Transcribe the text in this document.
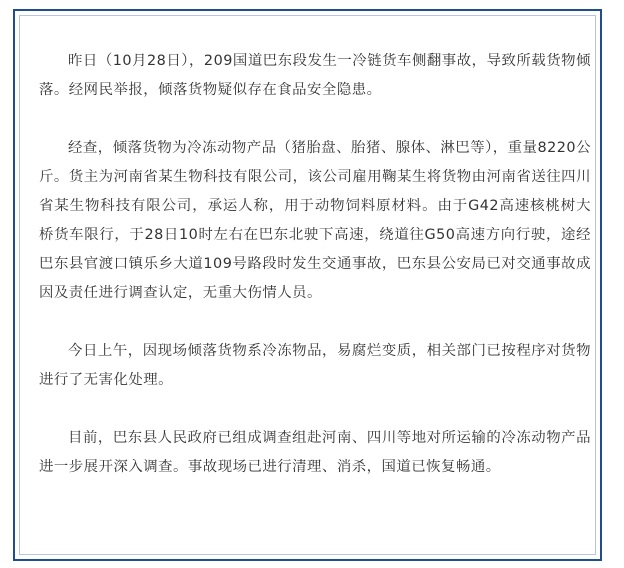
昨日（10月28日），209国道巴东段发生一冷链货车侧翻事故，导致所载货物倾落。经网民举报，倾落货物疑似存在食品安全隐患。

经查，倾落货物为冷冻动物产品（猪胎盘、胎猪、腺体、淋巴等），重量8220公斤。货主为河南省某生物科技有限公司，该公司雇用鞠某生将货物由河南省送往四川省某生物科技有限公司，承运人称，用于动物饲料原材料。由于G42高速核桃树大桥货车限行，于28日10时左右在巴东北驶下高速，绕道往G50高速方向行驶，途经巴东县官渡口镇乐乡大道109号路段时发生交通事故，巴东县公安局已对交通事故成因及责任进行调查认定，无重大伤情人员。

今日上午，因现场倾落货物系冷冻物品，易腐烂变质，相关部门已按程序对货物进行了无害化处理。

目前，巴东县人民政府已组成调查组赴河南、四川等地对所运输的冷冻动物产品进一步展开深入调查。事故现场已进行清理、消杀，国道已恢复畅通。
